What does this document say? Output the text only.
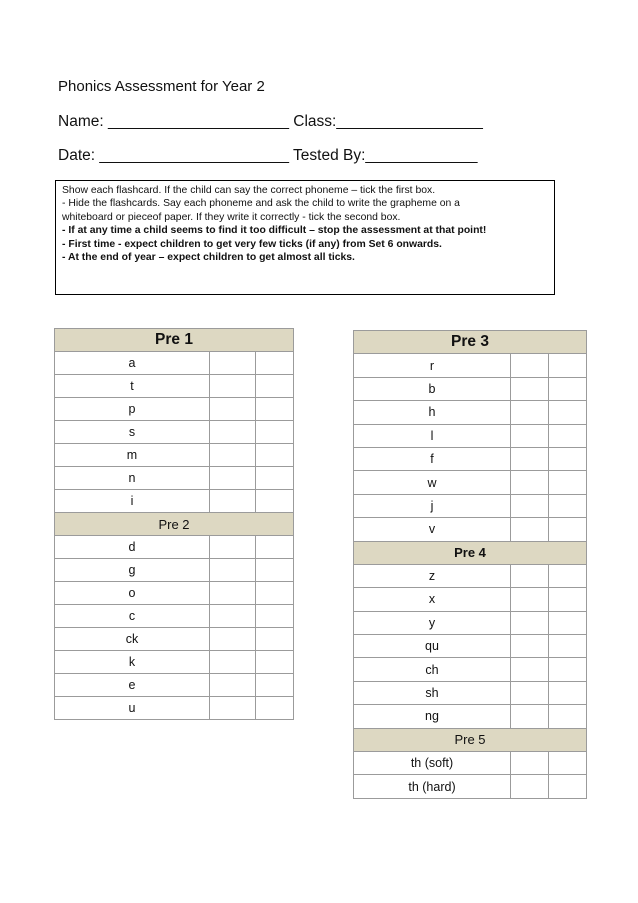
Phonics Assessment for Year 2
Name: _____________________ Class:_________________
Date: ______________________ Tested By:_____________
Show each flashcard. If the child can say the correct phoneme – tick the first box.
- Hide the flashcards. Say each phoneme and ask the child to write the grapheme on a
whiteboard or pieceof paper. If they write it correctly - tick the second box.
- If at any time a child seems to find it too difficult – stop the assessment at that point!
- First time - expect children to get very few ticks (if any) from Set 6 onwards.
- At the end of year – expect children to get almost all ticks.
Pre 1		
a		
t		
p		
s		
m		
n		
i		
Pre 2		
d		
g		
o		
c		
ck		
k		
e		
u		
Pre 3		
r		
b		
h		
l		
f		
w		
j		
v		
Pre 4		
z		
x		
y		
qu		
ch		
sh		
ng		
Pre 5		
th (soft)		
th (hard)		
